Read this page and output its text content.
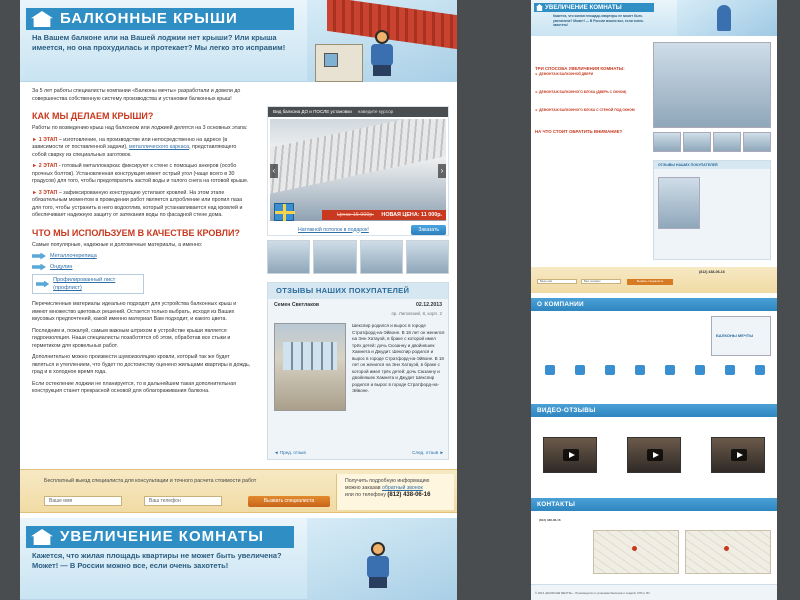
БАЛКОННЫЕ КРЫШИ
На Вашем балконе или на Вашей лоджии нет крыши? Или крыша имеется, но она прохудилась и протекает? Мы легко это исправим!
За 5 лет работы специалисты компании «Балконы мечты» разработали и довели до совершенства собственную систему производства и установки балконных крыш!
КАК МЫ ДЕЛАЕМ КРЫШИ?
Работы по возведению крыш над балконом или лоджией делятся на 3 основных этапа:
► 1 ЭТАП – изготовление, на производстве или непосредственно на адресе (в зависимости от поставленной задачи), металлического каркаса, представляющего собой сварку из специальных заготовок.
► 2 ЭТАП - готовый металлокаркас фиксируют к стене с помощью анкеров (особо прочных болтов). Установленная конструкция имеет острый угол (чаще всего в 30 градусов) для того, чтобы предотвратить застой воды и талого снега на готовой крыше.
► 3 ЭТАП – зафиксированную конструкцию устилают кровлей. На этом этапе обязательным моментом в проведении работ является штробление или пропил паза для того, чтобы устранить в него водоотлив, который устанавливается над кровлей и обеспечивает надежную защиту от затекания воды по фасадной стене дома.
ЧТО МЫ ИСПОЛЬЗУЕМ В КАЧЕСТВЕ КРОВЛИ?
Самые популярные, надежные и долговечные материалы, а именно:
Металлочерепица
Ондулин
Профилированный лист (профлист)
Перечисленные материалы идеально подходят для устройства балконных крыш и имеют множество цветовых решений. Остается только выбрать, исходя из Ваших вкусовых предпочтений, какой именно материал Вам подходит, и какого цвета.
Последним и, пожалуй, самым важным штрихом в устройстве крыши является гидроизоляция. Наши специалисты позаботятся об этом, обработав все стыки и герметиком для кровельных работ.
Дополнительно можно произвести шумоизоляцию кровли, который так же будет являться и утеплением, что будет по достоинству оценено жильцами квартиры в дождь, град и в холодное время года.
Если остекление лоджии не планируется, то в дальнейшем такая дополнительная конструкция станет прекрасной основой для облагораживания балкона.
Вид балкона ДО и ПОСЛЕ установки наведите курсор
‹	›
Цена: 15 000р. НОВАЯ ЦЕНА: 11 000р.
Натяжной потолок в подарок!	Заказать
ОТЗЫВЫ НАШИХ ПОКУПАТЕЛЕЙ
Семен Светлаков	02.12.2013
пр. Лиговский, 8, корп. 2
Шекспир родился и вырос в городе Стратфорд-на-Эйвоне. В 18 лет он женился на Энн Хатауэй, в браке с которой имел трёх детей: дочь Сюзанну и двойняшек Хамнета и Джудит. Шекспир родился и вырос в городе Стратфорд-на-Эйвоне. В 18 лет он женился на Энн Хатауэй, в браке с которой имел трёх детей: дочь Сюзанну и двойняшек Хамнета и Джудит Шекспир родился и вырос в городе Стратфорд-на-Эйвоне.
◄ Пред. отзыв	След. отзыв ►
Бесплатный выезд специалиста для консультации и точного расчета стоимости работ
Ваше имя	Ваш телефон	Вызвать специалиста
Получить подробную информацию можно заказав обратный звонок
или по телефону (812) 438-06-16
УВЕЛИЧЕНИЕ КОМНАТЫ
Кажется, что жилая площадь квартиры не может быть увеличена? Может! — В России можно все, если очень захотеть!
УВЕЛИЧЕНИЕ КОМНАТЫ
Кажется, что жилая площадь квартиры не может быть увеличена? Может! — В России можно все, если очень захотеть!
ТРИ СПОСОБА УВЕЛИЧЕНИЯ КОМНАТЫ:
► ДЕМОНТАЖ БАЛКОННОЙ ДВЕРИ
► ДЕМОНТАЖ БАЛКОННОГО БЛОКА (ДВЕРЬ С ОКНОМ)
► ДЕМОНТАЖ БАЛКОННОГО БЛОКА С СТЕНОЙ ПОД ОКНОМ
НА ЧТО СТОИТ ОБРАТИТЬ ВНИМАНИЕ?
ОТЗЫВЫ НАШИХ ПОКУПАТЕЛЕЙ
Ваше имя	Ваш телефон	Вызвать специалиста
(812) 438-06-16
О КОМПАНИИ
БАЛКОНЫ МЕЧТЫ
ВИДЕО-ОТЗЫВЫ
КОНТАКТЫ
(812) 438-06-16
© 2013 «БАЛКОНЫ МЕЧТЫ» - Производство и установка балконов и лоджий, СПб и ЛО
